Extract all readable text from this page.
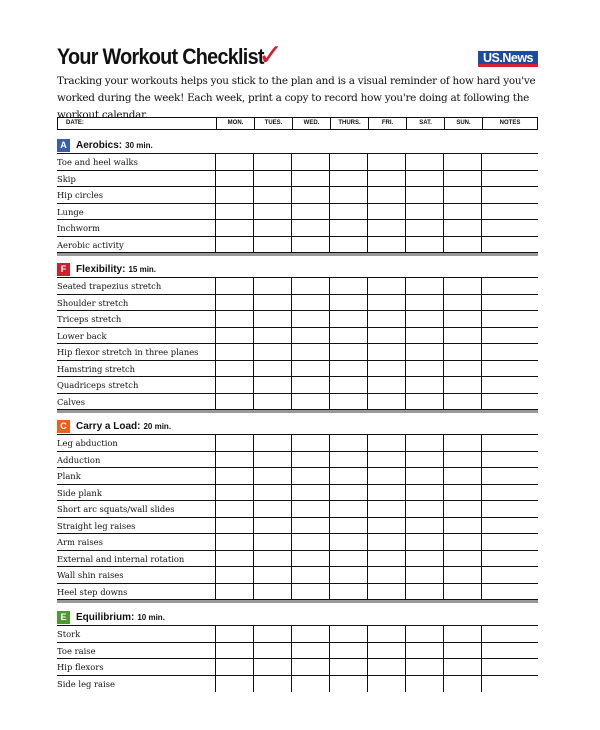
Your Workout Checklist
✓	US.News
Tracking your workouts helps you stick to the plan and is a visual reminder of how hard you've worked during the week! Each week, print a copy to record how you're doing at following the workout calendar.
DATE:	MON.	TUES.	WED.	THURS.	FRI.	SAT.	SUN.	NOTES
A Aerobics: 30 min.
Toe and heel walks
Skip
Hip circles
Lunge
Inchworm
Aerobic activity
F Flexibility: 15 min.
Seated trapezius stretch
Shoulder stretch
Triceps stretch
Lower back
Hip flexor stretch in three planes
Hamstring stretch
Quadriceps stretch
Calves
C Carry a Load: 20 min.
Leg abduction
Adduction
Plank
Side plank
Short arc squats/wall slides
Straight leg raises
Arm raises
External and internal rotation
Wall shin raises
Heel step downs
E Equilibrium: 10 min.
Stork
Toe raise
Hip flexors
Side leg raise
